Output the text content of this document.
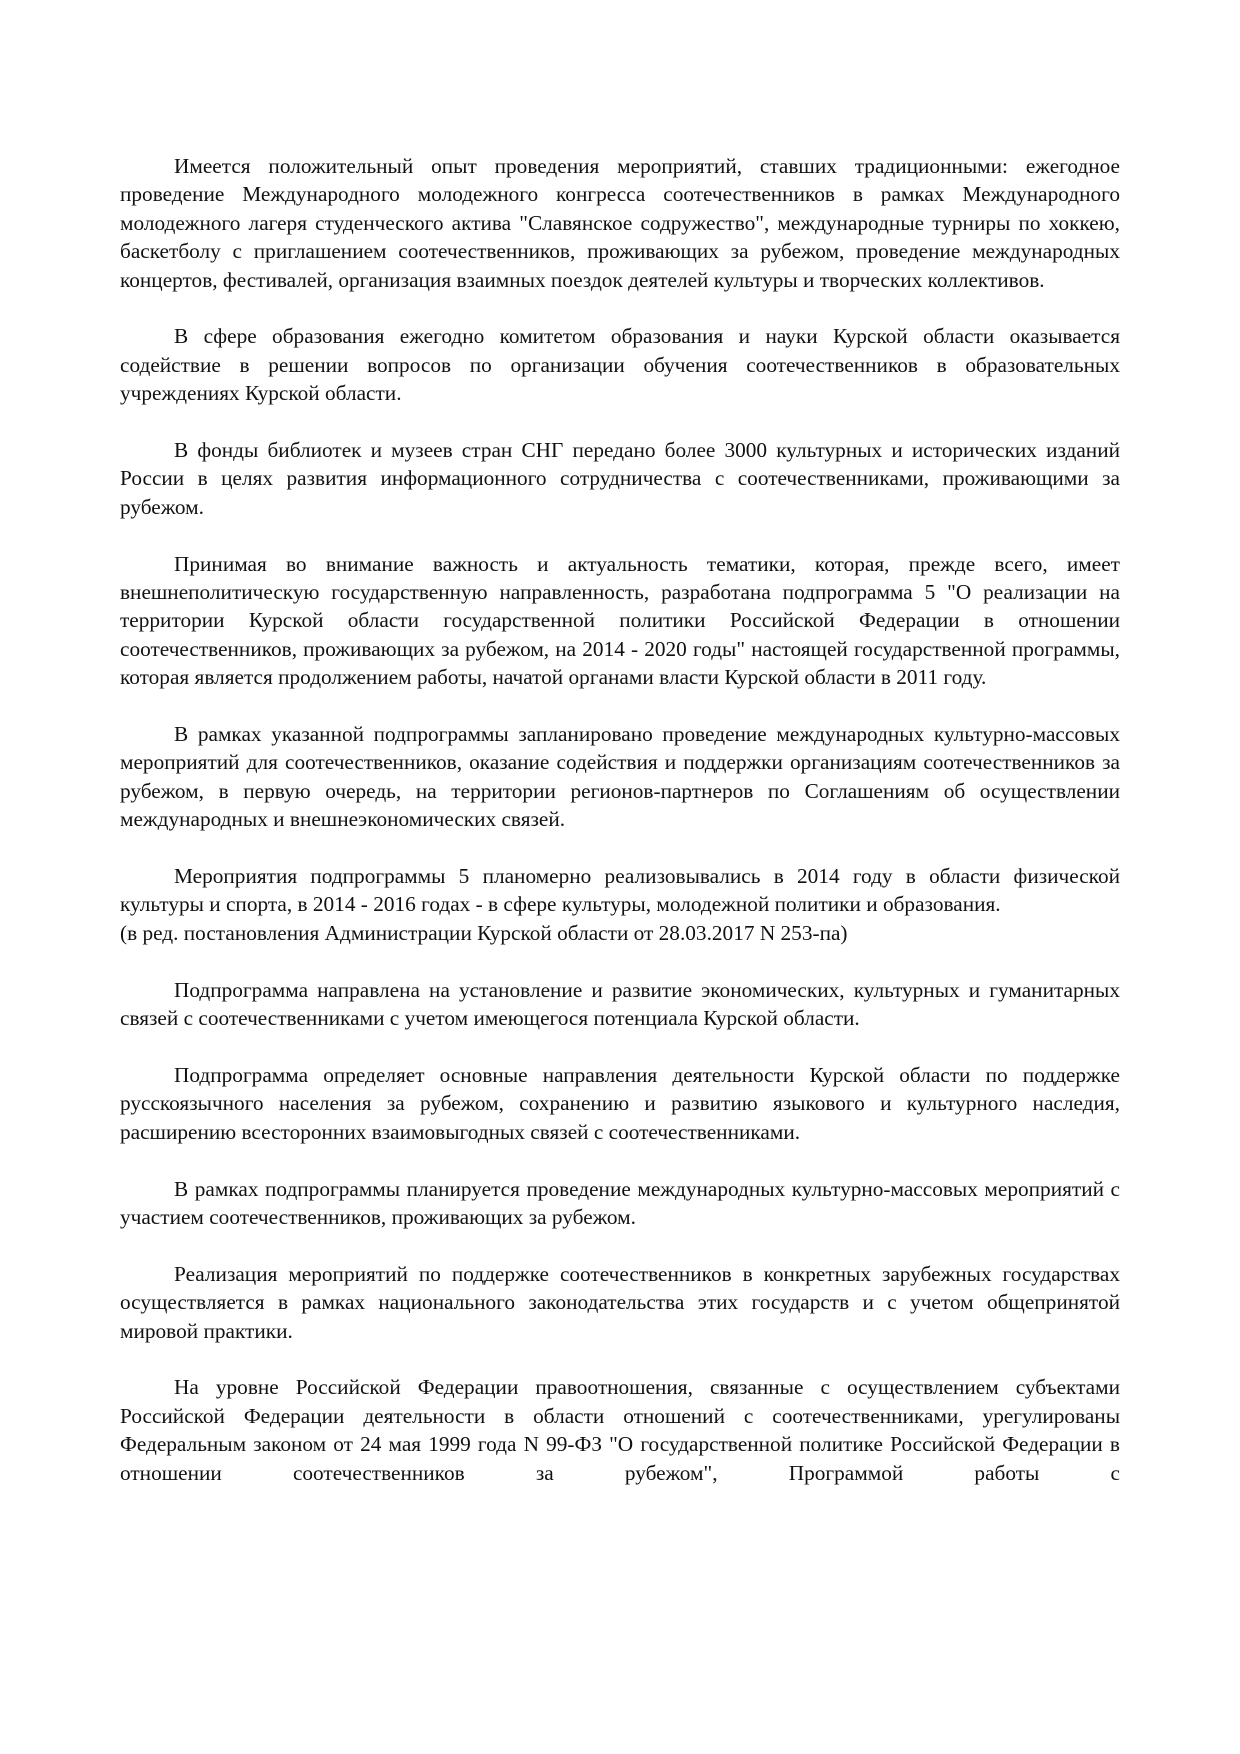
Имеется положительный опыт проведения мероприятий, ставших традиционными: ежегодное проведение Международного молодежного конгресса соотечественников в рамках Международного молодежного лагеря студенческого актива "Славянское содружество", международные турниры по хоккею, баскетболу с приглашением соотечественников, проживающих за рубежом, проведение международных концертов, фестивалей, организация взаимных поездок деятелей культуры и творческих коллективов.

В сфере образования ежегодно комитетом образования и науки Курской области оказывается содействие в решении вопросов по организации обучения соотечественников в образовательных учреждениях Курской области.

В фонды библиотек и музеев стран СНГ передано более 3000 культурных и исторических изданий России в целях развития информационного сотрудничества с соотечественниками, проживающими за рубежом.

Принимая во внимание важность и актуальность тематики, которая, прежде всего, имеет внешнеполитическую государственную направленность, разработана подпрограмма 5 "О реализации на территории Курской области государственной политики Российской Федерации в отношении соотечественников, проживающих за рубежом, на 2014 - 2020 годы" настоящей государственной программы, которая является продолжением работы, начатой органами власти Курской области в 2011 году.

В рамках указанной подпрограммы запланировано проведение международных культурно-массовых мероприятий для соотечественников, оказание содействия и поддержки организациям соотечественников за рубежом, в первую очередь, на территории регионов-партнеров по Соглашениям об осуществлении международных и внешнеэкономических связей.

Мероприятия подпрограммы 5 планомерно реализовывались в 2014 году в области физической культуры и спорта, в 2014 - 2016 годах - в сфере культуры, молодежной политики и образования.

(в ред. постановления Администрации Курской области от 28.03.2017 N 253-па)

Подпрограмма направлена на установление и развитие экономических, культурных и гуманитарных связей с соотечественниками с учетом имеющегося потенциала Курской области.

Подпрограмма определяет основные направления деятельности Курской области по поддержке русскоязычного населения за рубежом, сохранению и развитию языкового и культурного наследия, расширению всесторонних взаимовыгодных связей с соотечественниками.

В рамках подпрограммы планируется проведение международных культурно-массовых мероприятий с участием соотечественников, проживающих за рубежом.

Реализация мероприятий по поддержке соотечественников в конкретных зарубежных государствах осуществляется в рамках национального законодательства этих государств и с учетом общепринятой мировой практики.

На уровне Российской Федерации правоотношения, связанные с осуществлением субъектами Российской Федерации деятельности в области отношений с соотечественниками, урегулированы Федеральным законом от 24 мая 1999 года N 99-ФЗ "О государственной политике Российской Федерации в отношении соотечественников за рубежом", Программой работы с
